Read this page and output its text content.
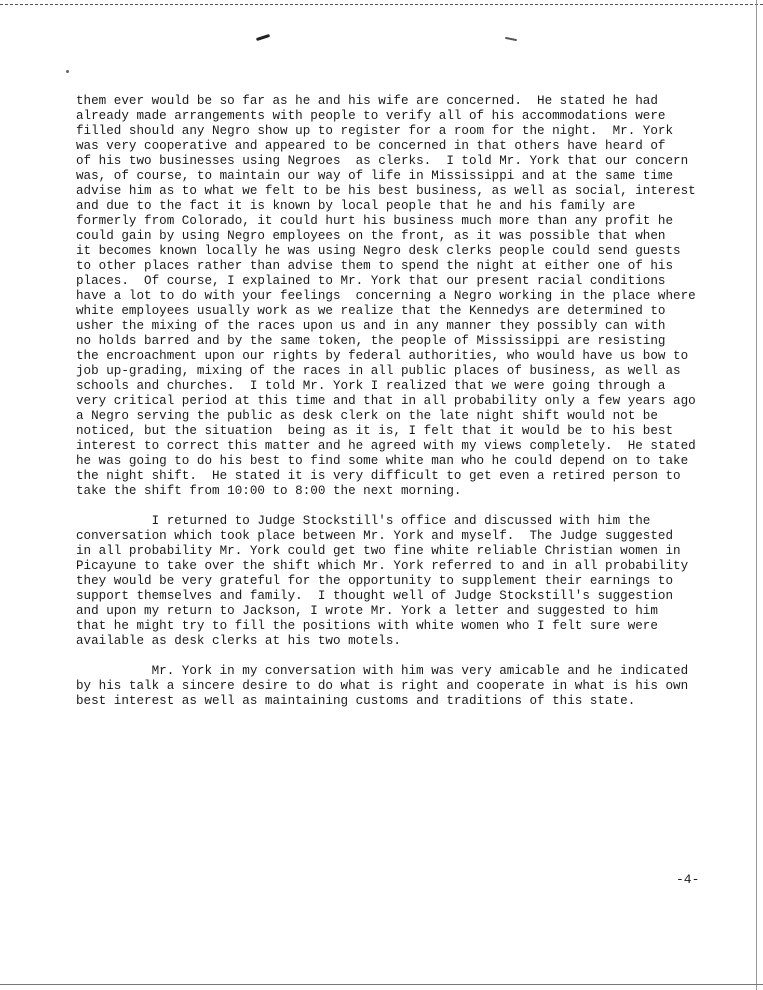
them ever would be so far as he and his wife are concerned.  He stated he had
already made arrangements with people to verify all of his accommodations were
filled should any Negro show up to register for a room for the night.  Mr. York
was very cooperative and appeared to be concerned in that others have heard of
of his two businesses using Negroes  as clerks.  I told Mr. York that our concern
was, of course, to maintain our way of life in Mississippi and at the same time
advise him as to what we felt to be his best business, as well as social, interest
and due to the fact it is known by local people that he and his family are
formerly from Colorado, it could hurt his business much more than any profit he
could gain by using Negro employees on the front, as it was possible that when
it becomes known locally he was using Negro desk clerks people could send guests
to other places rather than advise them to spend the night at either one of his
places.  Of course, I explained to Mr. York that our present racial conditions
have a lot to do with your feelings  concerning a Negro working in the place where
white employees usually work as we realize that the Kennedys are determined to
usher the mixing of the races upon us and in any manner they possibly can with
no holds barred and by the same token, the people of Mississippi are resisting
the encroachment upon our rights by federal authorities, who would have us bow to
job up-grading, mixing of the races in all public places of business, as well as
schools and churches.  I told Mr. York I realized that we were going through a
very critical period at this time and that in all probability only a few years ago
a Negro serving the public as desk clerk on the late night shift would not be
noticed, but the situation  being as it is, I felt that it would be to his best
interest to correct this matter and he agreed with my views completely.  He stated
he was going to do his best to find some white man who he could depend on to take
the night shift.  He stated it is very difficult to get even a retired person to
take the shift from 10:00 to 8:00 the next morning.
I returned to Judge Stockstill's office and discussed with him the
conversation which took place between Mr. York and myself.  The Judge suggested
in all probability Mr. York could get two fine white reliable Christian women in
Picayune to take over the shift which Mr. York referred to and in all probability
they would be very grateful for the opportunity to supplement their earnings to
support themselves and family.  I thought well of Judge Stockstill's suggestion
and upon my return to Jackson, I wrote Mr. York a letter and suggested to him
that he might try to fill the positions with white women who I felt sure were
available as desk clerks at his two motels.
Mr. York in my conversation with him was very amicable and he indicated
by his talk a sincere desire to do what is right and cooperate in what is his own
best interest as well as maintaining customs and traditions of this state.
-4-
